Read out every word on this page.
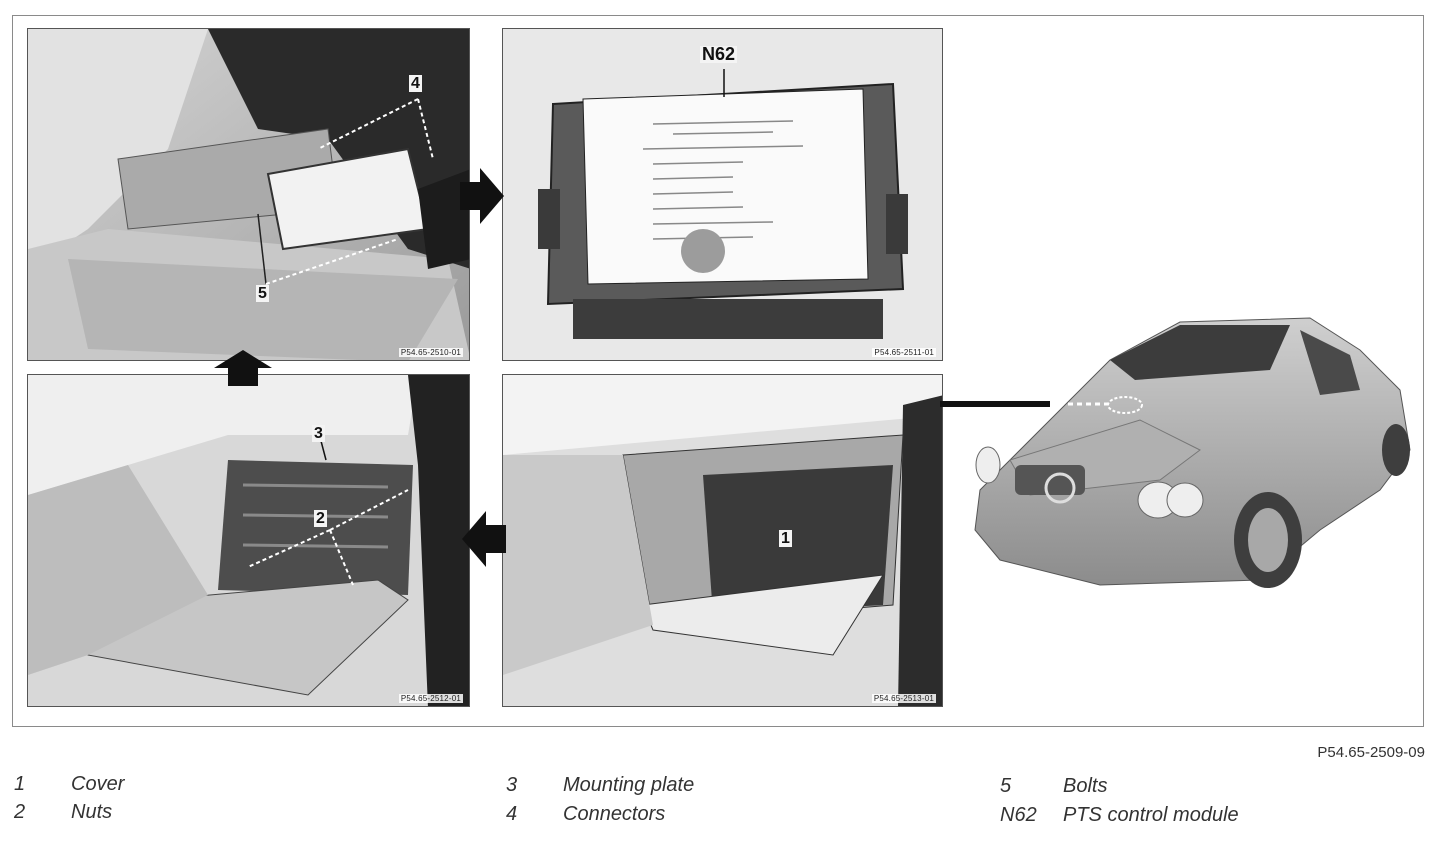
4
5
P54.65-2510-01
N62
P54.65-2511-01
3
2
P54.65-2512-01
1
P54.65-2513-01
P54.65-2509-09
1 Cover
2 Nuts
3 Mounting plate
4 Connectors
5	Bolts
N62 PTS control module
